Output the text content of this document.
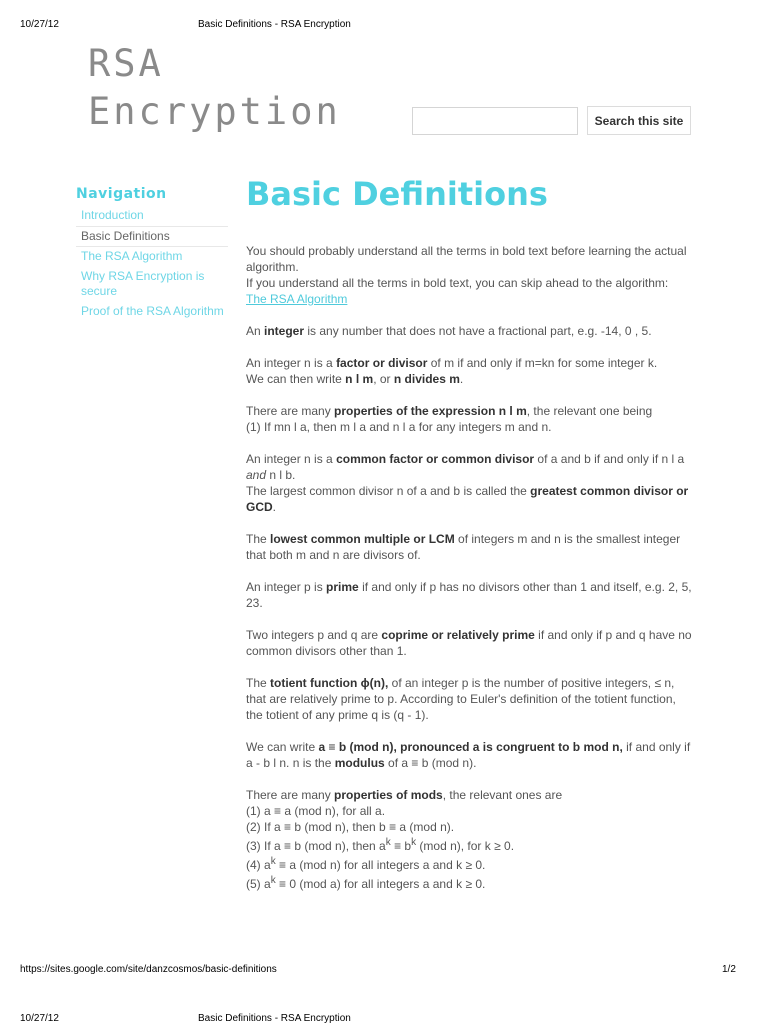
10/27/12	Basic Definitions - RSA Encryption
RSA
Encryption	Search this site
Navigation
Introduction
Basic Definitions
The RSA Algorithm
Why RSA Encryption is secure
Proof of the RSA Algorithm
Basic Definitions

You should probably understand all the terms in bold text before learning the actual algorithm.
If you understand all the terms in bold text, you can skip ahead to the algorithm: The RSA Algorithm

An integer is any number that does not have a fractional part, e.g. -14, 0 , 5.

An integer n is a factor or divisor of m if and only if m=kn for some integer k.
We can then write n l m, or n divides m.

There are many properties of the expression n l m, the relevant one being
(1) If mn l a, then m l a and n l a for any integers m and n.

An integer n is a common factor or common divisor of a and b if and only if n l a and n l b.
The largest common divisor n of a and b is called the greatest common divisor or GCD.

The lowest common multiple or LCM of integers m and n is the smallest integer that both m and n are divisors of.

An integer p is prime if and only if p has no divisors other than 1 and itself, e.g. 2, 5, 23.

Two integers p and q are coprime or relatively prime if and only if p and q have no common divisors other than 1.

The totient function ϕ(n), of an integer p is the number of positive integers, ≤ n, that are relatively prime to p. According to Euler's definition of the totient function, the totient of any prime q is (q - 1).

We can write a ≡ b (mod n), pronounced a is congruent to b mod n, if and only if a - b l n. n is the modulus of a ≡ b (mod n).

There are many properties of mods, the relevant ones are
(1) a ≡ a (mod n), for all a.
(2) If a ≡ b (mod n), then b ≡ a (mod n).
(3) If a ≡ b (mod n), then $a^k \equiv b^k$ (mod n), for k ≥ 0.
(4) $a^k \equiv a$ (mod n) for all integers a and k ≥ 0.
(5) $a^k \equiv 0$ (mod a) for all integers a and k ≥ 0.

https://sites.google.com/site/danzcosmos/basic-definitions	1/2
10/27/12	Basic Definitions - RSA Encryption
